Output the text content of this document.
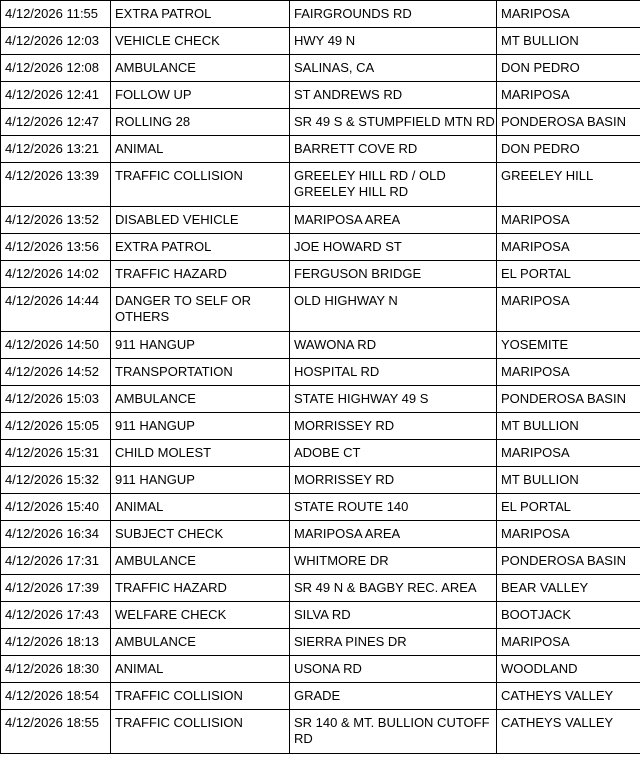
4/12/2026 11:55	EXTRA PATROL	FAIRGROUNDS RD	MARIPOSA
4/12/2026 12:03	VEHICLE CHECK	HWY 49 N	MT BULLION
4/12/2026 12:08	AMBULANCE	SALINAS, CA	DON PEDRO
4/12/2026 12:41	FOLLOW UP	ST ANDREWS RD	MARIPOSA
4/12/2026 12:47	ROLLING 28	SR 49 S & STUMPFIELD MTN RD	PONDEROSA BASIN
4/12/2026 13:21	ANIMAL	BARRETT COVE RD	DON PEDRO
4/12/2026 13:39	TRAFFIC COLLISION	GREELEY HILL RD / OLD GREELEY HILL RD	GREELEY HILL
4/12/2026 13:52	DISABLED VEHICLE	MARIPOSA AREA	MARIPOSA
4/12/2026 13:56	EXTRA PATROL	JOE HOWARD ST	MARIPOSA
4/12/2026 14:02	TRAFFIC HAZARD	FERGUSON BRIDGE	EL PORTAL
4/12/2026 14:44	DANGER TO SELF OR OTHERS	OLD HIGHWAY N	MARIPOSA
4/12/2026 14:50	911 HANGUP	WAWONA RD	YOSEMITE
4/12/2026 14:52	TRANSPORTATION	HOSPITAL RD	MARIPOSA
4/12/2026 15:03	AMBULANCE	STATE HIGHWAY 49 S	PONDEROSA BASIN
4/12/2026 15:05	911 HANGUP	MORRISSEY RD	MT BULLION
4/12/2026 15:31	CHILD MOLEST	ADOBE CT	MARIPOSA
4/12/2026 15:32	911 HANGUP	MORRISSEY RD	MT BULLION
4/12/2026 15:40	ANIMAL	STATE ROUTE 140	EL PORTAL
4/12/2026 16:34	SUBJECT CHECK	MARIPOSA AREA	MARIPOSA
4/12/2026 17:31	AMBULANCE	WHITMORE DR	PONDEROSA BASIN
4/12/2026 17:39	TRAFFIC HAZARD	SR 49 N & BAGBY REC. AREA	BEAR VALLEY
4/12/2026 17:43	WELFARE CHECK	SILVA RD	BOOTJACK
4/12/2026 18:13	AMBULANCE	SIERRA PINES DR	MARIPOSA
4/12/2026 18:30	ANIMAL	USONA RD	WOODLAND
4/12/2026 18:54	TRAFFIC COLLISION	GRADE	CATHEYS VALLEY
4/12/2026 18:55	TRAFFIC COLLISION	SR 140 & MT. BULLION CUTOFF RD	CATHEYS VALLEY
